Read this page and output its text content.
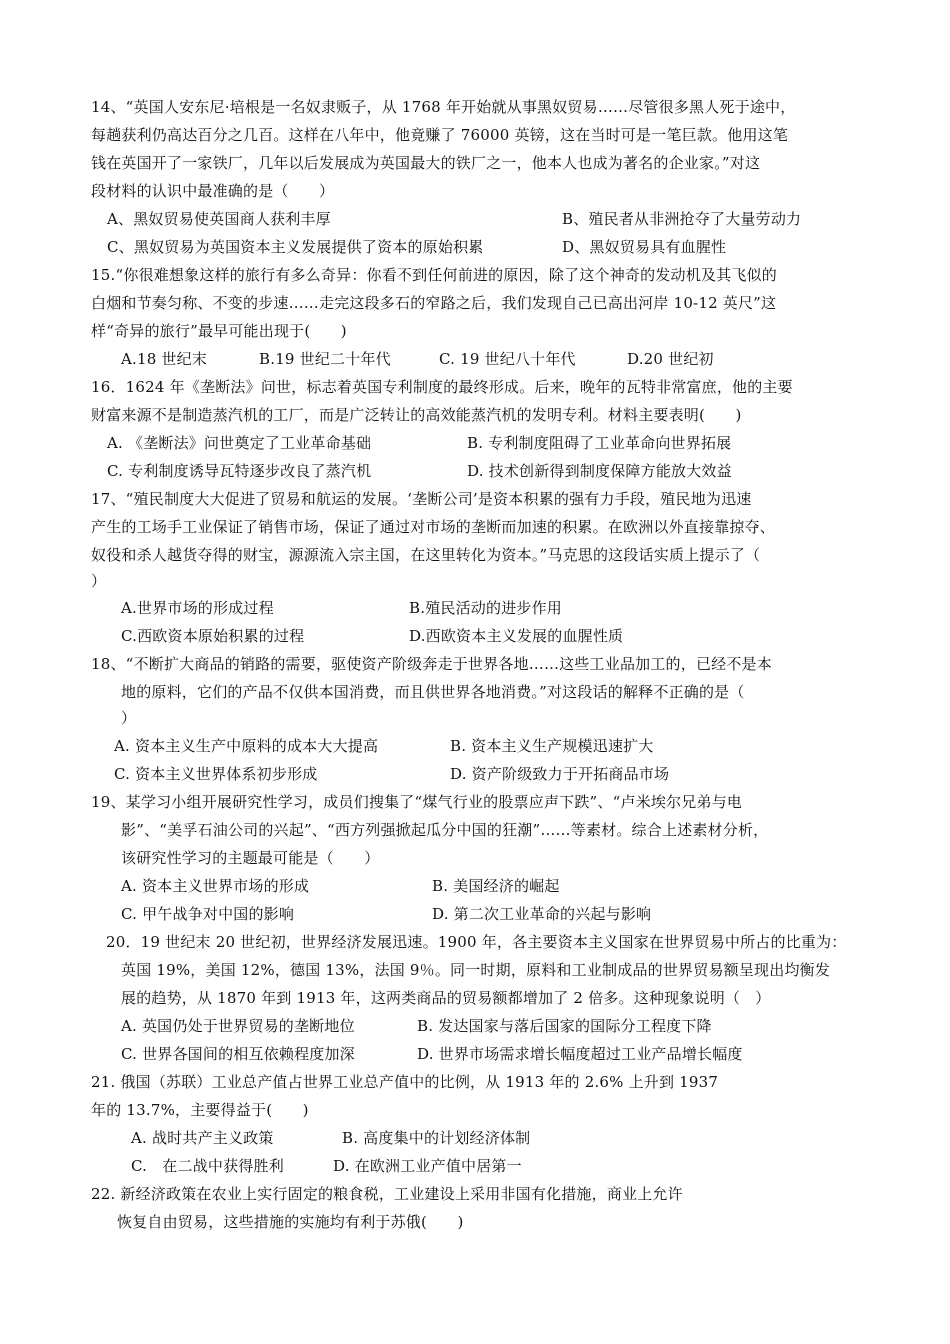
14、“英国人安东尼·培根是一名奴隶贩子，从 1768 年开始就从事黑奴贸易……尽管很多黑人死于途中，
每趟获利仍高达百分之几百。这样在八年中，他竟赚了 76000 英镑，这在当时可是一笔巨款。他用这笔
钱在英国开了一家铁厂，几年以后发展成为英国最大的铁厂之一，他本人也成为著名的企业家。”对这
段材料的认识中最准确的是（　　）
A、黑奴贸易使英国商人获利丰厚	B、殖民者从非洲抢夺了大量劳动力
C、黑奴贸易为英国资本主义发展提供了资本的原始积累	D、黑奴贸易具有血腥性
15.“你很难想象这样的旅行有多么奇异：你看不到任何前进的原因，除了这个神奇的发动机及其飞似的
白烟和节奏匀称、不变的步速……走完这段多石的窄路之后，我们发现自己已高出河岸 10-12 英尺”这
样“奇异的旅行”最早可能出现于(　　)
A.18 世纪末	B.19 世纪二十年代	C. 19 世纪八十年代	D.20 世纪初
16．1624 年《垄断法》问世，标志着英国专利制度的最终形成。后来，晚年的瓦特非常富庶，他的主要
财富来源不是制造蒸汽机的工厂，而是广泛转让的高效能蒸汽机的发明专利。材料主要表明(　　)
A. 《垄断法》问世奠定了工业革命基础	B. 专利制度阻碍了工业革命向世界拓展
C. 专利制度诱导瓦特逐步改良了蒸汽机	D. 技术创新得到制度保障方能放大效益
17、“殖民制度大大促进了贸易和航运的发展。‘垄断公司’是资本积累的强有力手段，殖民地为迅速
产生的工场手工业保证了销售市场，保证了通过对市场的垄断而加速的积累。在欧洲以外直接靠掠夺、
奴役和杀人越货夺得的财宝，源源流入宗主国，在这里转化为资本。”马克思的这段话实质上提示了（
）
A.世界市场的形成过程	B.殖民活动的进步作用
C.西欧资本原始积累的过程	D.西欧资本主义发展的血腥性质
18、“不断扩大商品的销路的需要，驱使资产阶级奔走于世界各地……这些工业品加工的，已经不是本
地的原料，它们的产品不仅供本国消费，而且供世界各地消费。”对这段话的解释不正确的是（
）
A. 资本主义生产中原料的成本大大提高	B. 资本主义生产规模迅速扩大
C. 资本主义世界体系初步形成	D. 资产阶级致力于开拓商品市场
19、某学习小组开展研究性学习，成员们搜集了“煤气行业的股票应声下跌”、“卢米埃尔兄弟与电
影”、“美孚石油公司的兴起”、“西方列强掀起瓜分中国的狂潮”……等素材。综合上述素材分析，
该研究性学习的主题最可能是（　　）
A. 资本主义世界市场的形成	B. 美国经济的崛起
C. 甲午战争对中国的影响	D. 第二次工业革命的兴起与影响
20．19 世纪末 20 世纪初，世界经济发展迅速。1900 年，各主要资本主义国家在世界贸易中所占的比重为：
英国 19%，美国 12%，德国 13%，法国 9％。同一时期，原料和工业制成品的世界贸易额呈现出均衡发
展的趋势，从 1870 年到 1913 年，这两类商品的贸易额都增加了 2 倍多。这种现象说明（　）
A. 英国仍处于世界贸易的垄断地位	B. 发达国家与落后国家的国际分工程度下降
C. 世界各国间的相互依赖程度加深	D. 世界市场需求增长幅度超过工业产品增长幅度
21. 俄国（苏联）工业总产值占世界工业总产值中的比例，从 1913 年的 2.6% 上升到 1937
年的 13.7%，主要得益于(　　)
A. 战时共产主义政策	B. 高度集中的计划经济体制
C.　在二战中获得胜利	D. 在欧洲工业产值中居第一
22. 新经济政策在农业上实行固定的粮食税，工业建设上采用非国有化措施，商业上允许
恢复自由贸易，这些措施的实施均有利于苏俄(　　)
